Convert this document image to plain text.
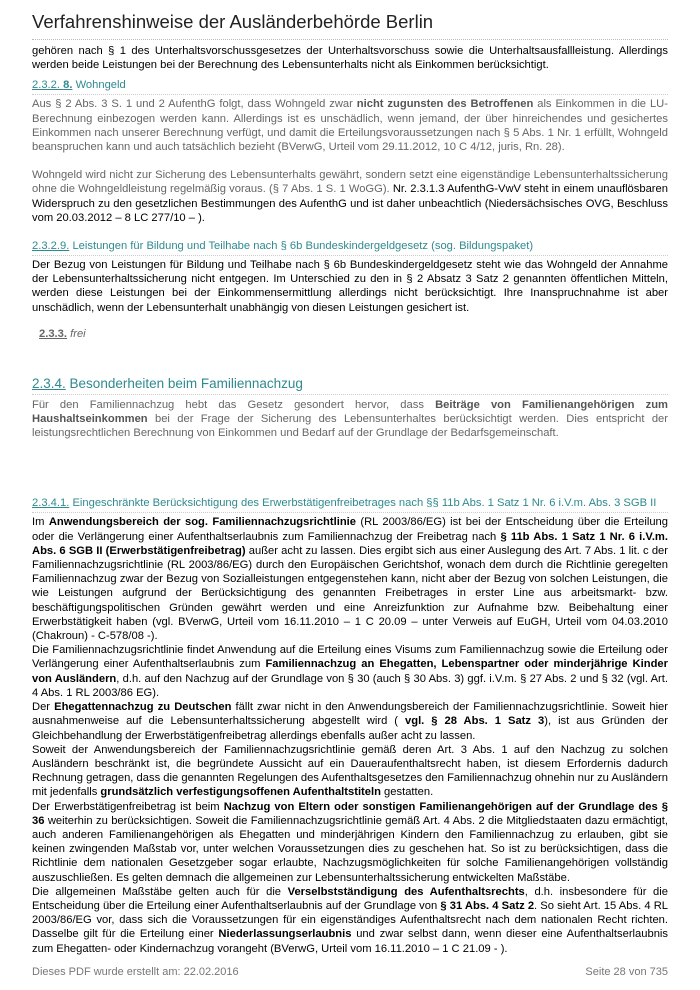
Verfahrenshinweise der Ausländerbehörde Berlin

gehören nach § 1 des Unterhaltsvorschussgesetzes der Unterhaltsvorschuss sowie die Unterhaltsausfallleistung. Allerdings werden beide Leistungen bei der Berechnung des Lebensunterhalts nicht als Einkommen berücksichtigt.

2.3.2. 8. Wohngeld

Aus § 2 Abs. 3 S. 1 und 2 AufenthG folgt, dass Wohngeld zwar nicht zugunsten des Betroffenen als Einkommen in die LU- Berechnung einbezogen werden kann. Allerdings ist es unschädlich, wenn jemand, der über hinreichendes und gesichertes Einkommen nach unserer Berechnung verfügt, und damit die Erteilungsvoraussetzungen nach § 5 Abs. 1 Nr. 1 erfüllt, Wohngeld beanspruchen kann und auch tatsächlich bezieht (BVerwG, Urteil vom 29.11.2012, 10 C 4/12, juris, Rn. 28).

Wohngeld wird nicht zur Sicherung des Lebensunterhalts gewährt, sondern setzt eine eigenständige Lebensunterhaltssicherung ohne die Wohngeldleistung regelmäßig voraus. (§ 7 Abs. 1 S. 1 WoGG). Nr. 2.3.1.3 AufenthG-VwV steht in einem unauflösbaren Widerspruch zu den gesetzlichen Bestimmungen des AufenthG und ist daher unbeachtlich (Niedersächsisches OVG, Beschluss vom 20.03.2012 – 8 LC 277/10 – ).

2.3.2.9. Leistungen für Bildung und Teilhabe nach § 6b Bundeskindergeldgesetz (sog. Bildungspaket)

Der Bezug von Leistungen für Bildung und Teilhabe nach § 6b Bundeskindergeldgesetz steht wie das Wohngeld der Annahme der Lebensunterhaltssicherung nicht entgegen. Im Unterschied zu den in § 2 Absatz 3 Satz 2 genannten öffentlichen Mitteln, werden diese Leistungen bei der Einkommensermittlung allerdings nicht berücksichtigt. Ihre Inanspruchnahme ist aber unschädlich, wenn der Lebensunterhalt unabhängig von diesen Leistungen gesichert ist.

2.3.3. frei
2.3.4. Besonderheiten beim Familiennachzug

Für den Familiennachzug hebt das Gesetz gesondert hervor, dass Beiträge von Familienangehörigen zum Haushaltseinkommen bei der Frage der Sicherung des Lebensunterhaltes berücksichtigt werden. Dies entspricht der leistungsrechtlichen Berechnung von Einkommen und Bedarf auf der Grundlage der Bedarfsgemeinschaft.

2.3.4.1. Eingeschränkte Berücksichtigung des Erwerbstätigenfreibetrages nach §§ 11b Abs. 1 Satz 1 Nr. 6 i.V.m. Abs. 3 SGB II

Im Anwendungsbereich der sog. Familiennachzugsrichtlinie (RL 2003/86/EG) ist bei der Entscheidung über die Erteilung oder die Verlängerung einer Aufenthaltserlaubnis zum Familiennachzug der Freibetrag nach § 11b Abs. 1 Satz 1 Nr. 6 i.V.m. Abs. 6 SGB II (Erwerbstätigenfreibetrag) außer acht zu lassen. Dies ergibt sich aus einer Auslegung des Art. 7 Abs. 1 lit. c der Familiennachzugsrichtlinie (RL 2003/86/EG) durch den Europäischen Gerichtshof, wonach dem durch die Richtlinie geregelten Familiennachzug zwar der Bezug von Sozialleistungen entgegenstehen kann, nicht aber der Bezug von solchen Leistungen, die wie Leistungen aufgrund der Berücksichtigung des genannten Freibetrages in erster Line aus arbeitsmarkt- bzw. beschäftigungspolitischen Gründen gewährt werden und eine Anreizfunktion zur Aufnahme bzw. Beibehaltung einer Erwerbstätigkeit haben (vgl. BVerwG, Urteil vom 16.11.2010 – 1 C 20.09 – unter Verweis auf EuGH, Urteil vom 04.03.2010 (Chakroun) - C-578/08 -).

Die Familiennachzugsrichtlinie findet Anwendung auf die Erteilung eines Visums zum Familiennachzug sowie die Erteilung oder Verlängerung einer Aufenthaltserlaubnis zum Familiennachzug an Ehegatten, Lebenspartner oder minderjährige Kinder von Ausländern, d.h. auf den Nachzug auf der Grundlage von § 30 (auch § 30 Abs. 3) ggf. i.V.m. § 27 Abs. 2 und § 32 (vgl. Art. 4 Abs. 1 RL 2003/86 EG).

Der Ehegattennachzug zu Deutschen fällt zwar nicht in den Anwendungsbereich der Familiennachzugsrichtlinie. Soweit hier ausnahmenweise auf die Lebensunterhaltssicherung abgestellt wird ( vgl. § 28 Abs. 1 Satz 3), ist aus Gründen der Gleichbehandlung der Erwerbstätigenfreibetrag allerdings ebenfalls außer acht zu lassen.

Soweit der Anwendungsbereich der Familiennachzugsrichtlinie gemäß deren Art. 3 Abs. 1 auf den Nachzug zu solchen Ausländern beschränkt ist, die begründete Aussicht auf ein Daueraufenthaltsrecht haben, ist diesem Erfordernis dadurch Rechnung getragen, dass die genannten Regelungen des Aufenthaltsgesetzes den Familiennachzug ohnehin nur zu Ausländern mit jedenfalls grundsätzlich verfestigungsoffenen Aufenthaltstiteln gestatten.

Der Erwerbstätigenfreibetrag ist beim Nachzug von Eltern oder sonstigen Familienangehörigen auf der Grundlage des § 36 weiterhin zu berücksichtigen. Soweit die Familiennachzugsrichtlinie gemäß Art. 4 Abs. 2 die Mitgliedstaaten dazu ermächtigt, auch anderen Familienangehörigen als Ehegatten und minderjährigen Kindern den Familiennachzug zu erlauben, gibt sie keinen zwingenden Maßstab vor, unter welchen Voraussetzungen dies zu geschehen hat. So ist zu berücksichtigen, dass die Richtlinie dem nationalen Gesetzgeber sogar erlaubte, Nachzugsmöglichkeiten für solche Familienangehörigen vollständig auszuschließen. Es gelten demnach die allgemeinen zur Lebensunterhaltssicherung entwickelten Maßstäbe.

Die allgemeinen Maßstäbe gelten auch für die Verselbstständigung des Aufenthaltsrechts, d.h. insbesondere für die Entscheidung über die Erteilung einer Aufenthaltserlaubnis auf der Grundlage von § 31 Abs. 4 Satz 2. So sieht Art. 15 Abs. 4 RL 2003/86/EG vor, dass sich die Voraussetzungen für ein eigenständiges Aufenthaltsrecht nach dem nationalen Recht richten. Dasselbe gilt für die Erteilung einer Niederlassungserlaubnis und zwar selbst dann, wenn dieser eine Aufenthaltserlaubnis zum Ehegatten- oder Kindernachzug vorangeht (BVerwG, Urteil vom 16.11.2010 – 1 C 21.09 - ).

Dieses PDF wurde erstellt am: 22.02.2016	Seite 28 von 735
